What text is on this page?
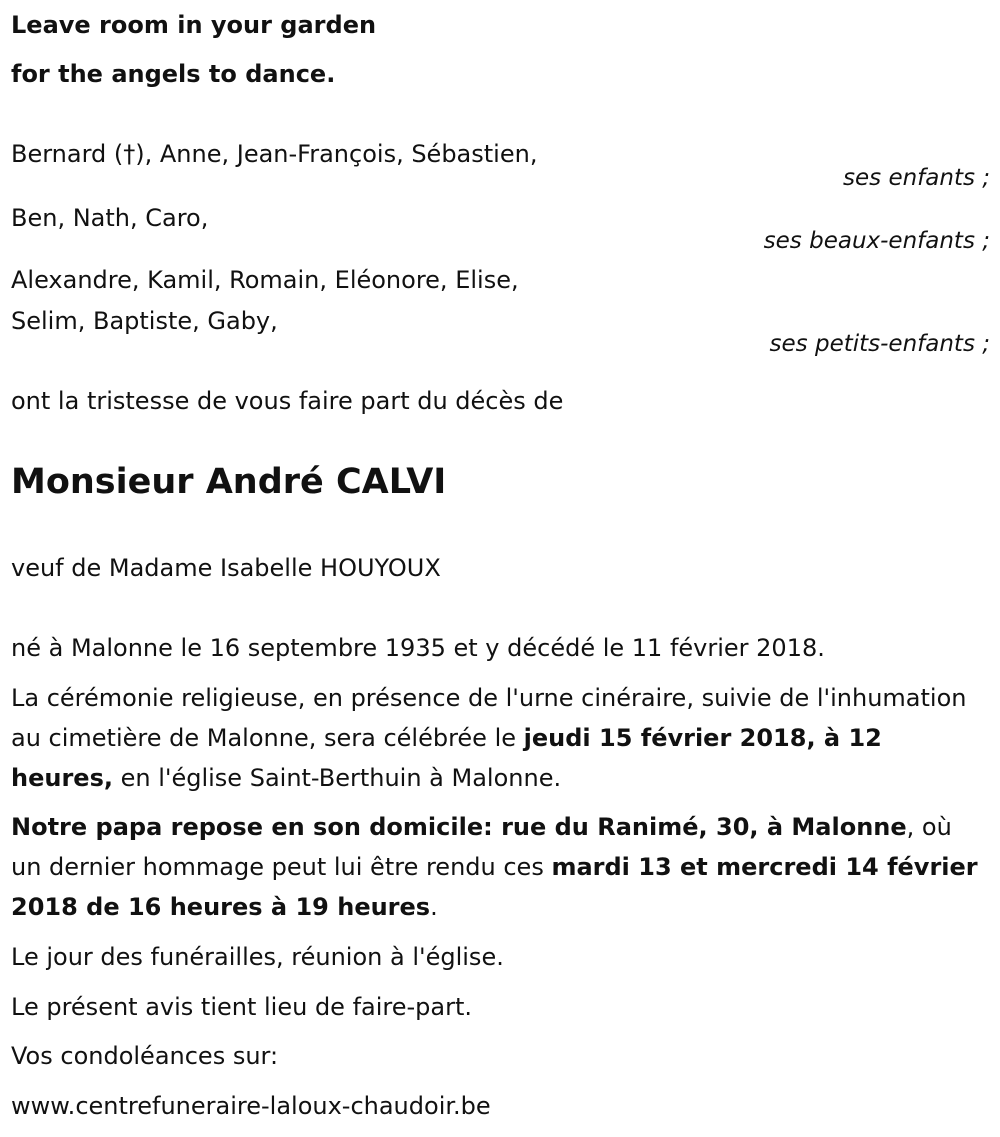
Leave room in your garden
for the angels to dance.
Bernard (†), Anne, Jean-François, Sébastien,
ses enfants ;
Ben, Nath, Caro,
ses beaux-enfants ;
Alexandre, Kamil, Romain, Eléonore, Elise,
Selim, Baptiste, Gaby,
ses petits-enfants ;
ont la tristesse de vous faire part du décès de
Monsieur André CALVI
veuf de Madame Isabelle HOUYOUX
né à Malonne le 16 septembre 1935 et y décédé le 11 février 2018.
La cérémonie religieuse, en présence de l'urne cinéraire, suivie de l'inhumation au cimetière de Malonne, sera célébrée le jeudi 15 février 2018, à 12 heures, en l'église Saint-Berthuin à Malonne.
Notre papa repose en son domicile: rue du Ranimé, 30, à Malonne, où un dernier hommage peut lui être rendu ces mardi 13 et mercredi 14 février 2018 de 16 heures à 19 heures.
Le jour des funérailles, réunion à l'église.
Le présent avis tient lieu de faire-part.
Vos condoléances sur:
www.centrefuneraire-laloux-chaudoir.be
